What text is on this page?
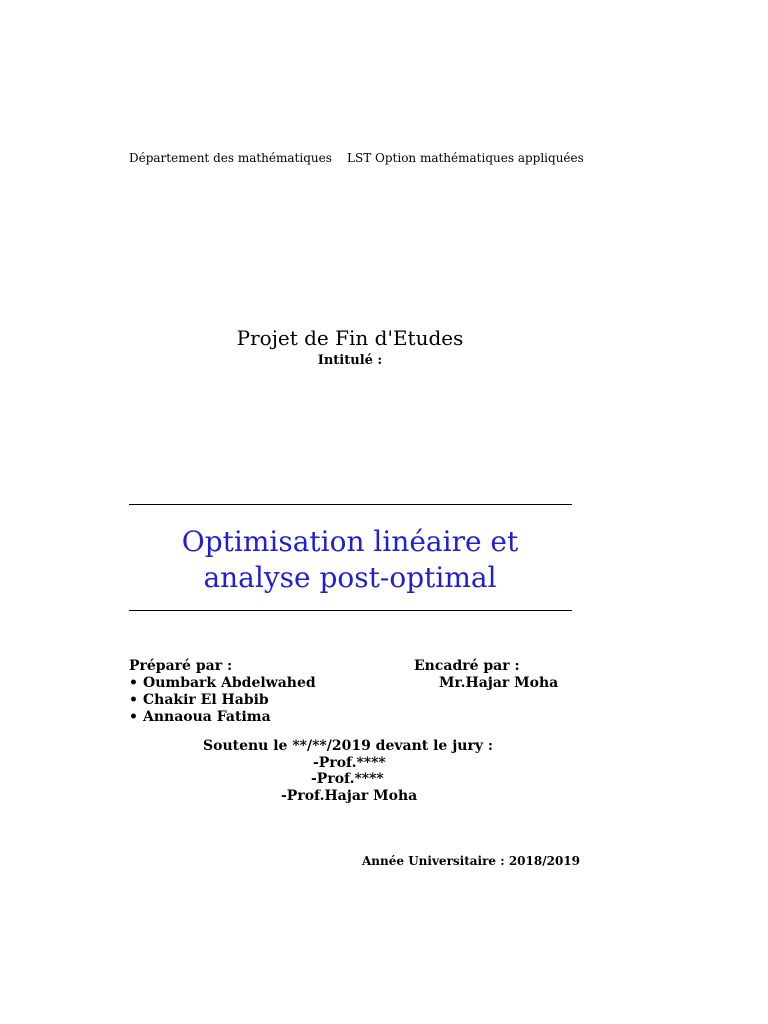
Département des mathématiques LST Option mathématiques appliquées
Projet de Fin d'Etudes
Intitulé :
Optimisation linéaire et
analyse post-optimal
Préparé par :
• Oumbark Abdelwahed
• Chakir El Habib
• Annaoua Fatima
Encadré par :
Mr.Hajar Moha
Soutenu le **/**/2019 devant le jury :
-Prof.****
-Prof.****
-Prof.Hajar Moha
Année Universitaire : 2018/2019
